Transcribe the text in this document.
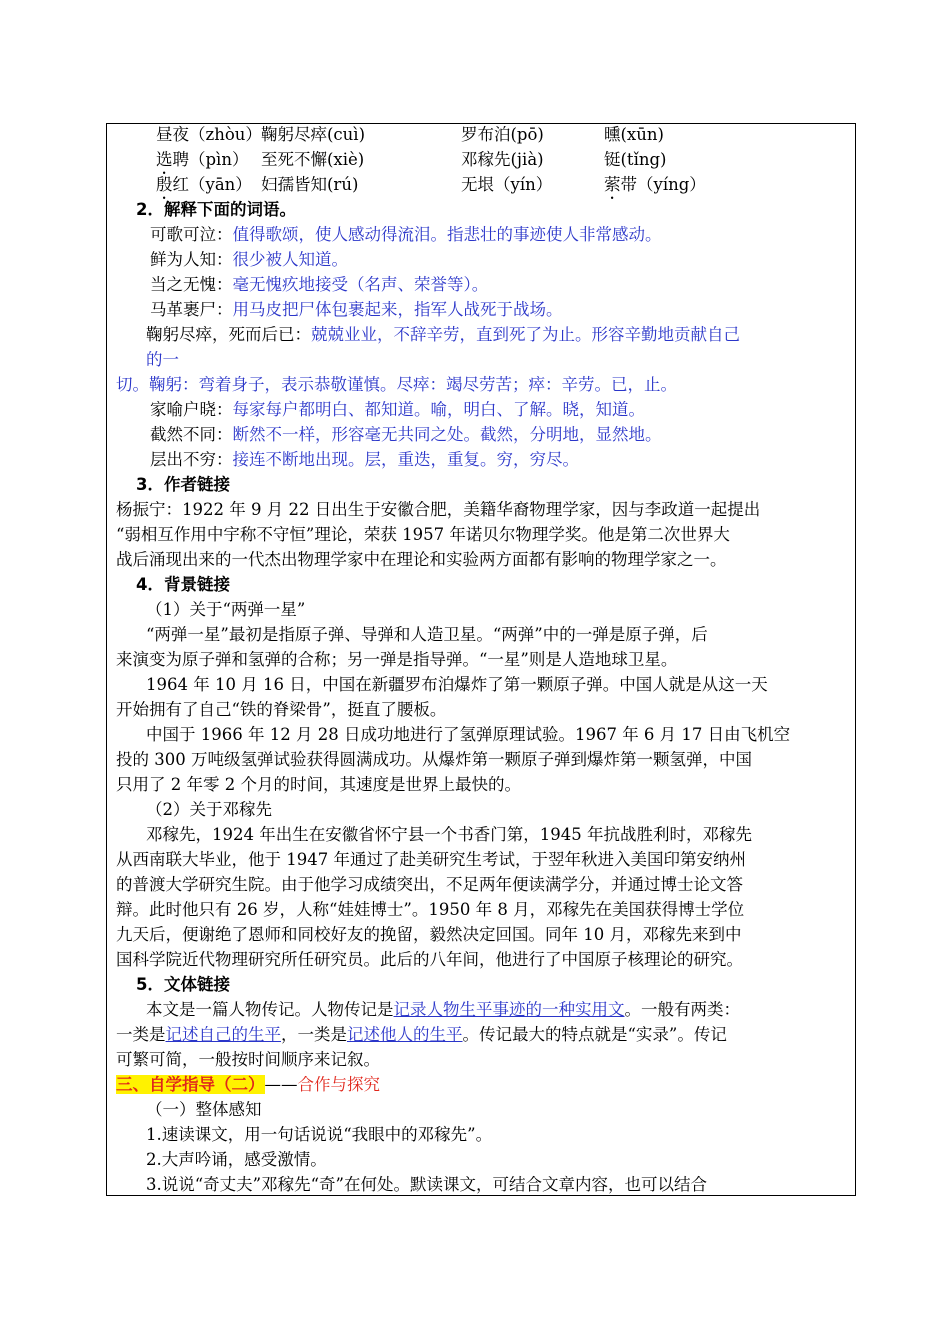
昼夜（zhòu） 鞠躬尽瘁(cuì)	罗布泊(pō)	曛(xūn)
选聘（pìn） 至死不懈(xiè)	邓稼先(jià)	铤(tǐng)
殷红（yān） 妇孺皆知(rú)	无垠（yín）	萦带（yíng）
2．解释下面的词语。
可歌可泣：值得歌颂，使人感动得流泪。指悲壮的事迹使人非常感动。
鲜为人知：很少被人知道。
当之无愧：毫无愧疚地接受（名声、荣誉等）。
马革裹尸：用马皮把尸体包裹起来，指军人战死于战场。
鞠躬尽瘁，死而后已：兢兢业业，不辞辛劳，直到死了为止。形容辛勤地贡献自己
的一
切。鞠躬：弯着身子，表示恭敬谨慎。尽瘁：竭尽劳苦；瘁：辛劳。已，止。
家喻户晓：每家每户都明白、都知道。喻，明白、了解。晓，知道。
截然不同：断然不一样，形容毫无共同之处。截然，分明地，显然地。
层出不穷：接连不断地出现。层，重迭，重复。穷，穷尽。
3．作者链接
杨振宁：1922 年 9 月 22 日出生于安徽合肥，美籍华裔物理学家，因与李政道一起提出
“弱相互作用中宇称不守恒”理论，荣获 1957 年诺贝尔物理学奖。他是第二次世界大
战后涌现出来的一代杰出物理学家中在理论和实验两方面都有影响的物理学家之一。
4．背景链接
（1）关于“两弹一星”
“两弹一星”最初是指原子弹、导弹和人造卫星。“两弹”中的一弹是原子弹，后
来演变为原子弹和氢弹的合称；另一弹是指导弹。“一星”则是人造地球卫星。
1964 年 10 月 16 日，中国在新疆罗布泊爆炸了第一颗原子弹。中国人就是从这一天
开始拥有了自己“铁的脊梁骨”，挺直了腰板。
中国于 1966 年 12 月 28 日成功地进行了氢弹原理试验。1967 年 6 月 17 日由飞机空
投的 300 万吨级氢弹试验获得圆满成功。从爆炸第一颗原子弹到爆炸第一颗氢弹，中国
只用了 2 年零 2 个月的时间，其速度是世界上最快的。
（2）关于邓稼先
邓稼先，1924 年出生在安徽省怀宁县一个书香门第，1945 年抗战胜利时，邓稼先
从西南联大毕业，他于 1947 年通过了赴美研究生考试，于翌年秋进入美国印第安纳州
的普渡大学研究生院。由于他学习成绩突出，不足两年便读满学分，并通过博士论文答
辩。此时他只有 26 岁，人称“娃娃博士”。1950 年 8 月，邓稼先在美国获得博士学位
九天后，便谢绝了恩师和同校好友的挽留，毅然决定回国。同年 10 月，邓稼先来到中
国科学院近代物理研究所任研究员。此后的八年间，他进行了中国原子核理论的研究。
5．文体链接
本文是一篇人物传记。人物传记是记录人物生平事迹的一种实用文。一般有两类：
一类是记述自己的生平，一类是记述他人的生平。传记最大的特点就是“实录”。传记
可繁可简，一般按时间顺序来记叙。
三、自学指导（二）——合作与探究
（一）整体感知
1.速读课文，用一句话说说“我眼中的邓稼先”。
2.大声吟诵，感受激情。
3.说说“奇丈夫”邓稼先“奇”在何处。默读课文，可结合文章内容，也可以结合
